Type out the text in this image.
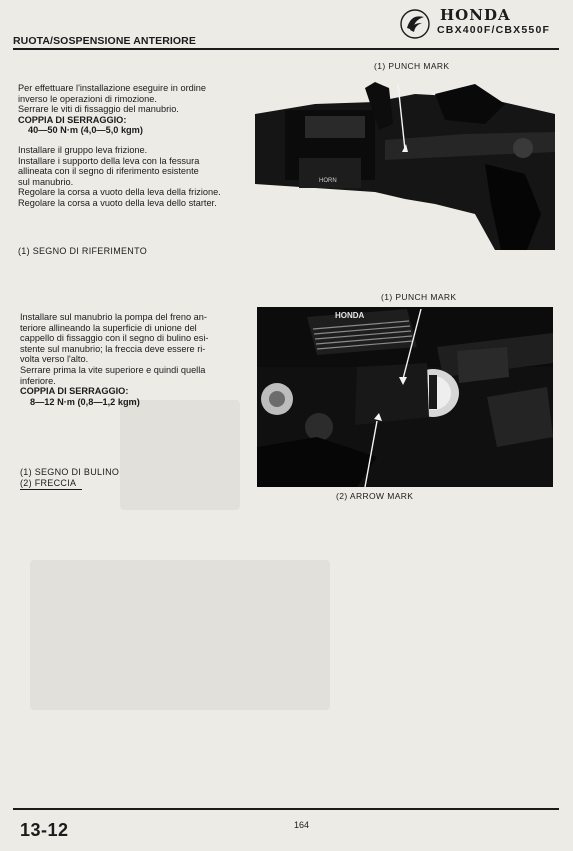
HONDA
CBX400F/CBX550F
RUOTA/SOSPENSIONE ANTERIORE

Per effettuare l'installazione eseguire in ordine

inverso le operazioni di rimozione.

Serrare le viti di fissaggio del manubrio.

COPPIA DI SERRAGGIO:

40—50 N·m (4,0—5,0 kgm)

Installare il gruppo leva frizione.

Installare i supporto della leva con la fessura

allineata con il segno di riferimento esistente

sul manubrio.

Regolare la corsa a vuoto della leva della frizione.

Regolare la corsa a vuoto della leva dello starter.

(1) SEGNO DI RIFERIMENTO
(1) PUNCH MARK
HORN

Installare sul manubrio la pompa del freno an-

teriore allineando la superficie di unione del

cappello di fissaggio con il segno di bulino esi-

stente sul manubrio; la freccia deve essere ri-

volta verso l'alto.

Serrare prima la vite superiore e quindi quella

inferiore.

COPPIA DI SERRAGGIO:

8—12 N·m (0,8—1,2 kgm)

(1) SEGNO DI BULINO
(2) FRECCIA
(1) PUNCH MARK
HONDA
(2) ARROW MARK
13-12	164
